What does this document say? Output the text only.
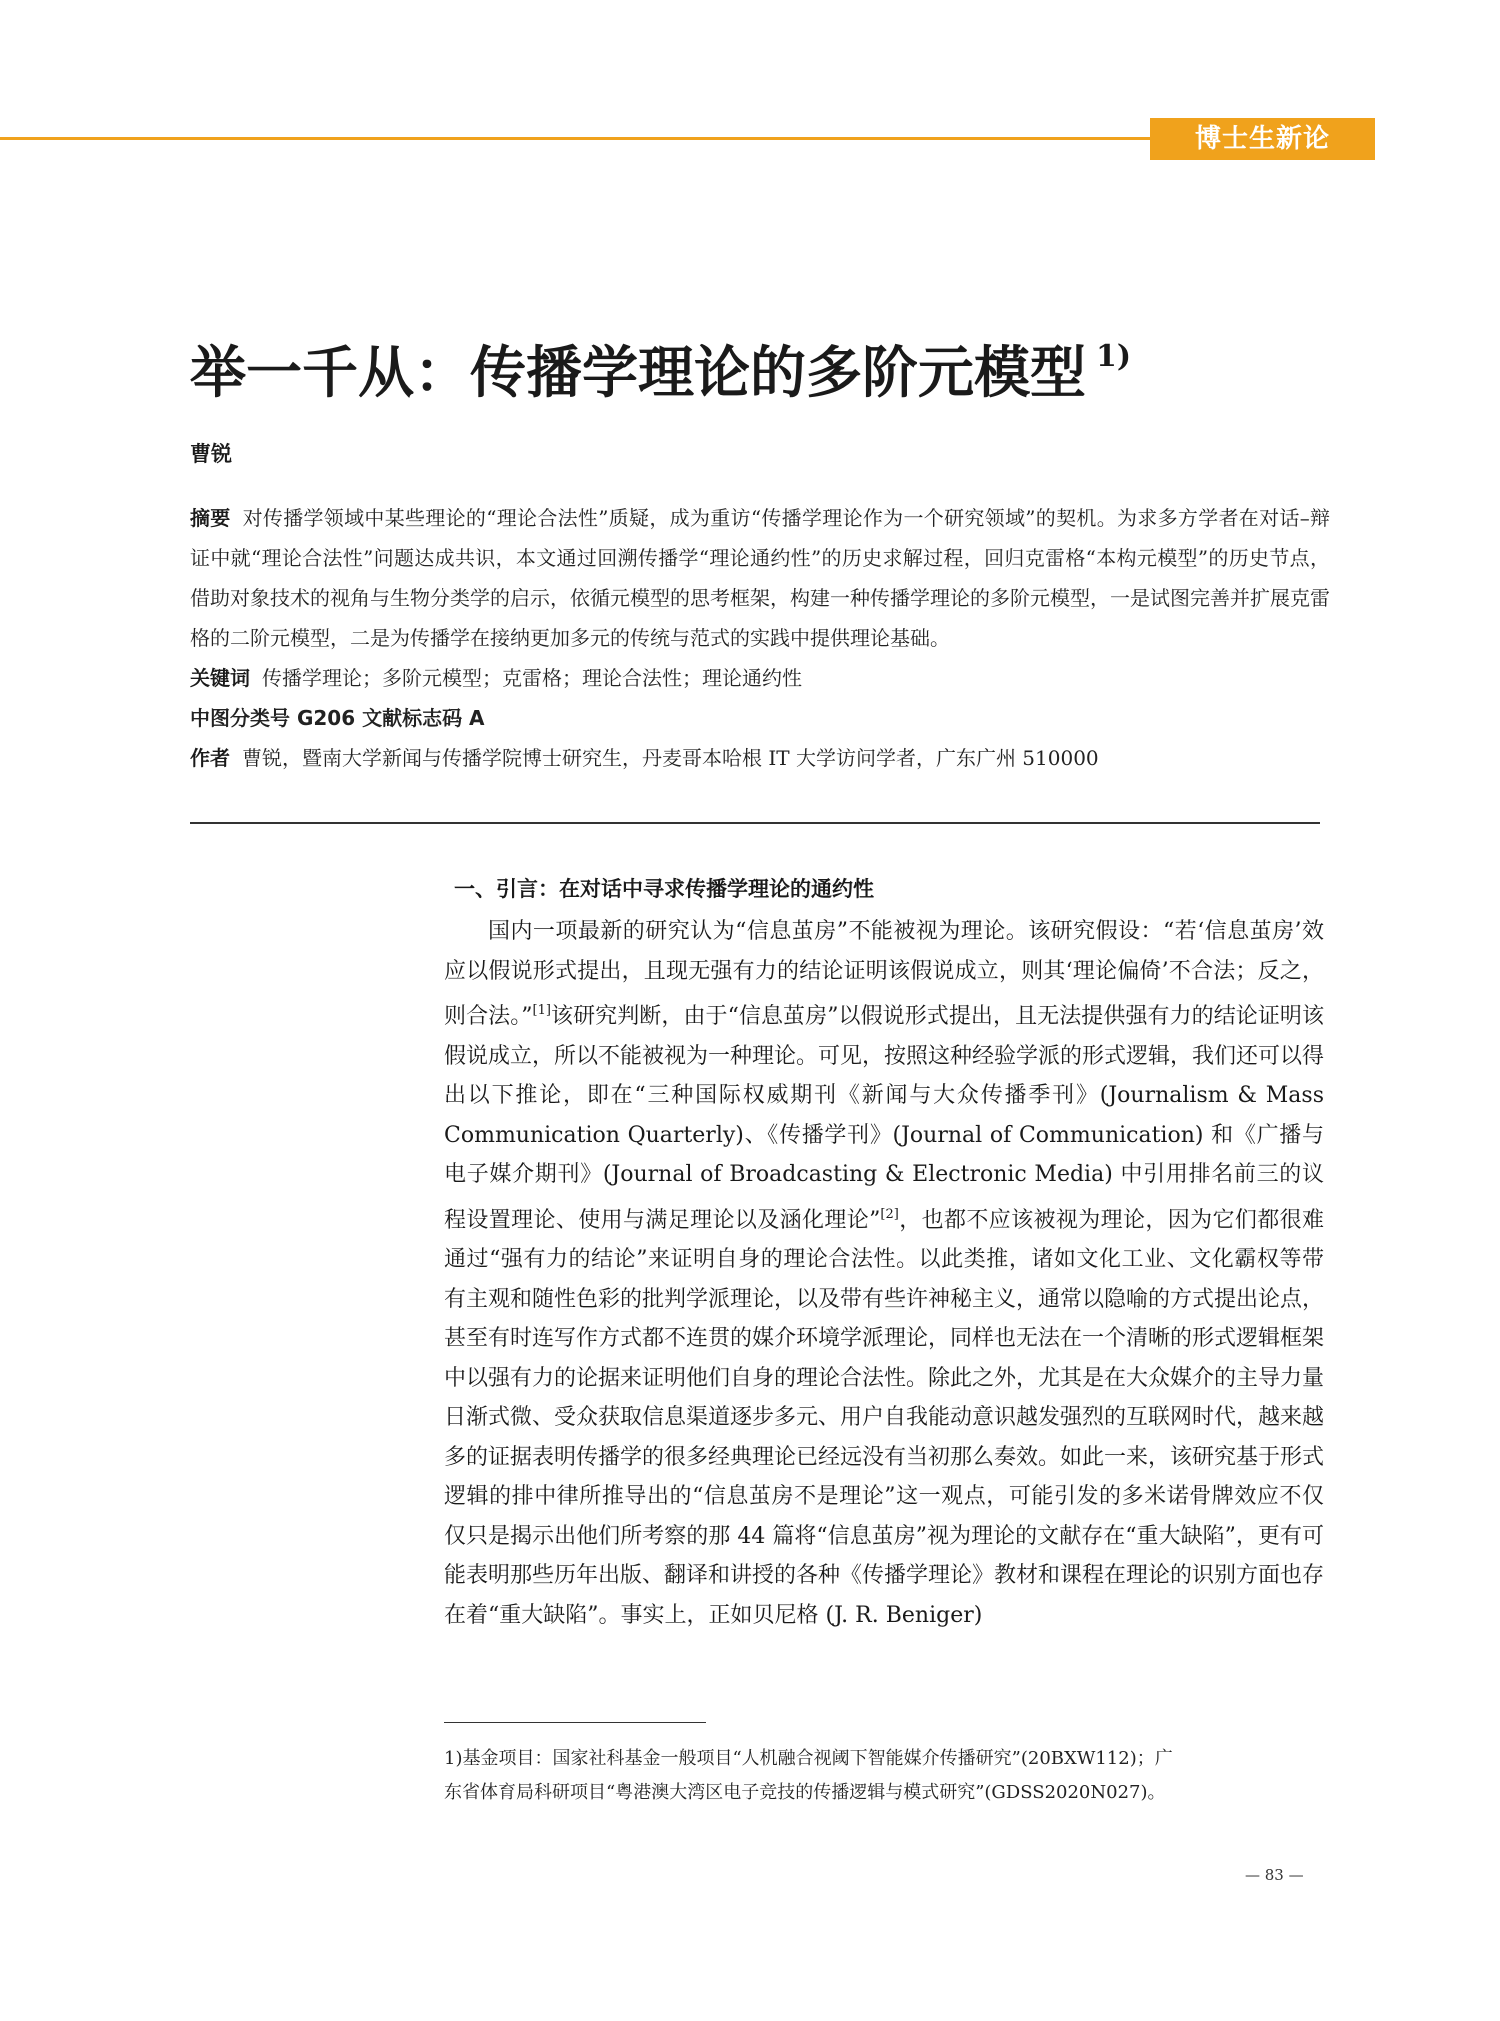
博士生新论
举一千从：传播学理论的多阶元模型 $^{1)}$
曹锐

摘要 对传播学领域中某些理论的“理论合法性”质疑，成为重访“传播学理论作为一个研究领域”的契机。为求多方学者在对话–辩证中就“理论合法性”问题达成共识，本文通过回溯传播学“理论通约性”的历史求解过程，回归克雷格“本构元模型”的历史节点，借助对象技术的视角与生物分类学的启示，依循元模型的思考框架，构建一种传播学理论的多阶元模型，一是试图完善并扩展克雷格的二阶元模型，二是为传播学在接纳更加多元的传统与范式的实践中提供理论基础。

关键词 传播学理论；多阶元模型；克雷格；理论合法性；理论通约性

中图分类号 G206 文献标志码 A

作者 曹锐，暨南大学新闻与传播学院博士研究生，丹麦哥本哈根 IT 大学访问学者，广东广州 510000

一、引言：在对话中寻求传播学理论的通约性

国内一项最新的研究认为“信息茧房”不能被视为理论。该研究假设：“若‘信息茧房’效应以假说形式提出，且现无强有力的结论证明该假说成立，则其‘理论偏倚’不合法；反之，则合法。”[1]该研究判断，由于“信息茧房”以假说形式提出，且无法提供强有力的结论证明该假说成立，所以不能被视为一种理论。可见，按照这种经验学派的形式逻辑，我们还可以得出以下推论，即在“三种国际权威期刊《新闻与大众传播季刊》(Journalism & Mass Communication Quarterly)、《传播学刊》(Journal of Communication) 和《广播与电子媒介期刊》(Journal of Broadcasting & Electronic Media) 中引用排名前三的议程设置理论、使用与满足理论以及涵化理论”[2]，也都不应该被视为理论，因为它们都很难通过“强有力的结论”来证明自身的理论合法性。以此类推，诸如文化工业、文化霸权等带有主观和随性色彩的批判学派理论，以及带有些许神秘主义，通常以隐喻的方式提出论点，甚至有时连写作方式都不连贯的媒介环境学派理论，同样也无法在一个清晰的形式逻辑框架中以强有力的论据来证明他们自身的理论合法性。除此之外，尤其是在大众媒介的主导力量日渐式微、受众获取信息渠道逐步多元、用户自我能动意识越发强烈的互联网时代，越来越多的证据表明传播学的很多经典理论已经远没有当初那么奏效。如此一来，该研究基于形式逻辑的排中律所推导出的“信息茧房不是理论”这一观点，可能引发的多米诺骨牌效应不仅仅只是揭示出他们所考察的那 44 篇将“信息茧房”视为理论的文献存在“重大缺陷”，更有可能表明那些历年出版、翻译和讲授的各种《传播学理论》教材和课程在理论的识别方面也存在着“重大缺陷”。事实上，正如贝尼格 (J. R. Beniger)

1)基金项目：国家社科基金一般项目“人机融合视阈下智能媒介传播研究”(20BXW112)；广

东省体育局科研项目“粤港澳大湾区电子竞技的传播逻辑与模式研究”(GDSS2020N027)。

— 83 —
